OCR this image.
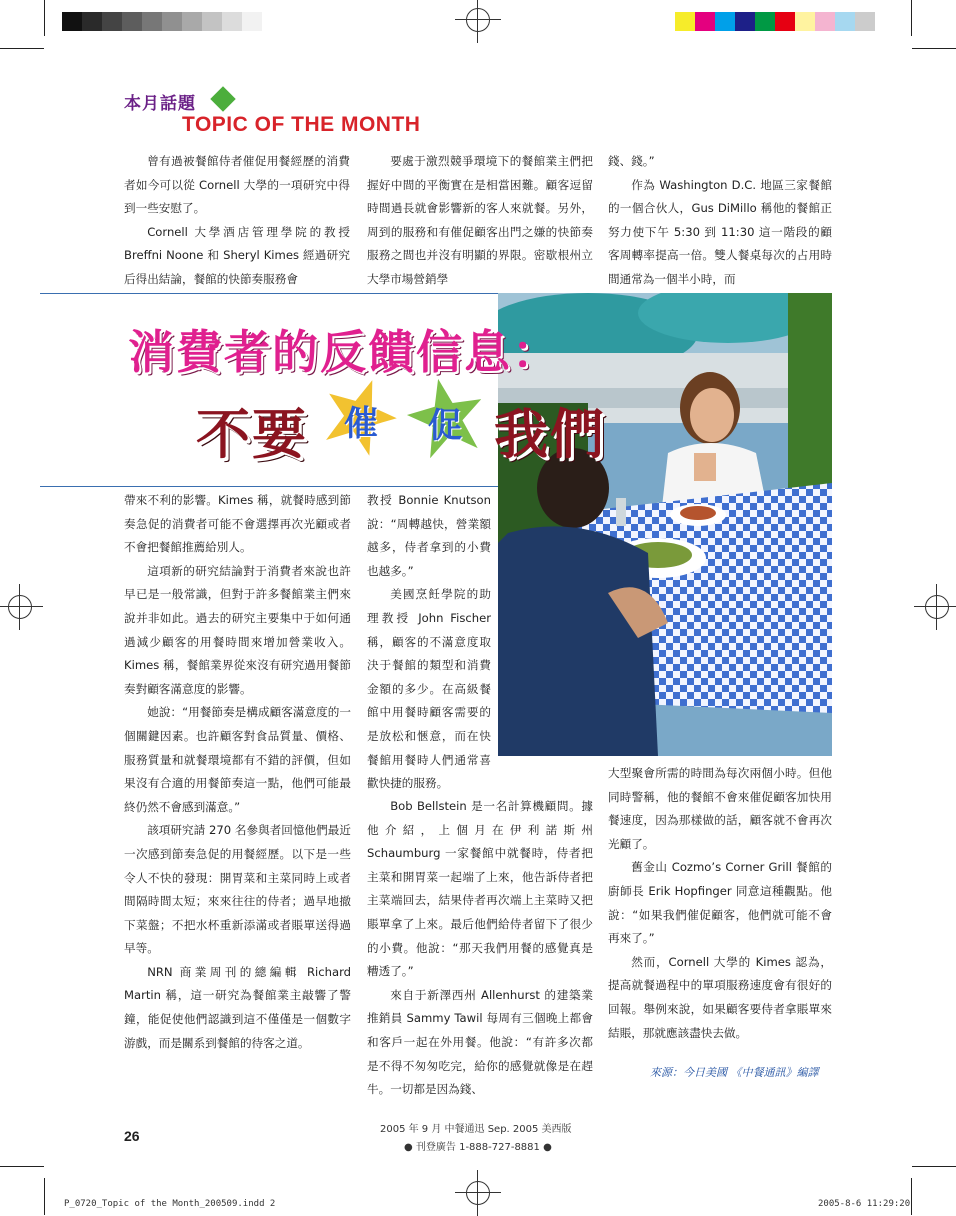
本月話題
TOPIC OF THE MONTH

曾有過被餐館侍者催促用餐經歷的消費者如今可以從 Cornell 大學的一項研究中得到一些安慰了。

Cornell 大學酒店管理學院的教授 Breffni Noone 和 Sheryl Kimes 經過研究后得出結論，餐館的快節奏服務會

要處于激烈競爭環境下的餐館業主們把握好中間的平衡實在是相當困難。顧客逗留時間過長就會影響新的客人來就餐。另外，周到的服務和有催促顧客出門之嫌的快節奏服務之間也并沒有明顯的界限。密歇根州立大學市場營銷學

錢、錢。”

作為 Washington D.C. 地區三家餐館的一個合伙人，Gus DiMillo 稱他的餐館正努力使下午 5:30 到 11:30 這一階段的顧客周轉率提高一倍。雙人餐桌每次的占用時間通常為一個半小時，而

消費者的反饋信息：
不要 催 促 我們

帶來不利的影響。Kimes 稱，就餐時感到節奏急促的消費者可能不會選擇再次光顧或者不會把餐館推薦給別人。

這項新的研究結論對于消費者來說也許早已是一般常識，但對于許多餐館業主們來說并非如此。過去的研究主要集中于如何通過減少顧客的用餐時間來增加營業收入。Kimes 稱，餐館業界從來沒有研究過用餐節奏對顧客滿意度的影響。

她說：“用餐節奏是構成顧客滿意度的一個關鍵因素。也許顧客對食品質量、價格、服務質量和就餐環境都有不錯的評價，但如果沒有合適的用餐節奏這一點，他們可能最終仍然不會感到滿意。”

該項研究請 270 名參與者回憶他們最近一次感到節奏急促的用餐經歷。以下是一些令人不快的發現：開胃菜和主菜同時上或者間隔時間太短；來來往往的侍者；過早地撤下菜盤；不把水杯重新添滿或者賬單送得過早等。

NRN 商業周刊的總編輯 Richard Martin 稱，這一研究為餐館業主敲響了警鐘，能促使他們認識到這不僅僅是一個數字游戲，而是關系到餐館的待客之道。

教授 Bonnie Knutson 說：“周轉越快，營業額越多，侍者拿到的小費也越多。”

美國烹飪學院的助理教授 John Fischer 稱，顧客的不滿意度取決于餐館的類型和消費金額的多少。在高級餐館中用餐時顧客需要的是放松和愜意，而在快餐館用餐時人們通常喜歡快捷的服務。

Bob Bellstein 是一名計算機顧問。據他介紹，上個月在伊利諾斯州 Schaumburg 一家餐館中就餐時，侍者把主菜和開胃菜一起端了上來，他告訴侍者把主菜端回去，結果侍者再次端上主菜時又把賬單拿了上來。最后他們給侍者留下了很少的小費。他說：“那天我們用餐的感覺真是糟透了。”

來自于新澤西州 Allenhurst 的建築業推銷員 Sammy Tawil 每周有三個晚上都會和客戶一起在外用餐。他說：“有許多次都是不得不匆匆吃完，給你的感覺就像是在趕牛。一切都是因為錢、

大型聚會所需的時間為每次兩個小時。但他同時警稱，他的餐館不會來催促顧客加快用餐速度，因為那樣做的話，顧客就不會再次光顧了。

舊金山 Cozmo’s Corner Grill 餐館的廚師長 Erik Hopfinger 同意這種觀點。他說：“如果我們催促顧客，他們就可能不會再來了。”

然而，Cornell 大學的 Kimes 認為，提高就餐過程中的單項服務速度會有很好的回報。舉例來說，如果顧客要侍者拿賬單來結賬，那就應該盡快去做。

來源：今日美國 《中餐通訊》編譯
26	2005 年 9 月 中餐通迅 Sep. 2005 美西版
● 刊登廣告 1-888-727-8881 ●
P_0720_Topic of the Month_200509.indd 2	2005-8-6 11:29:20
